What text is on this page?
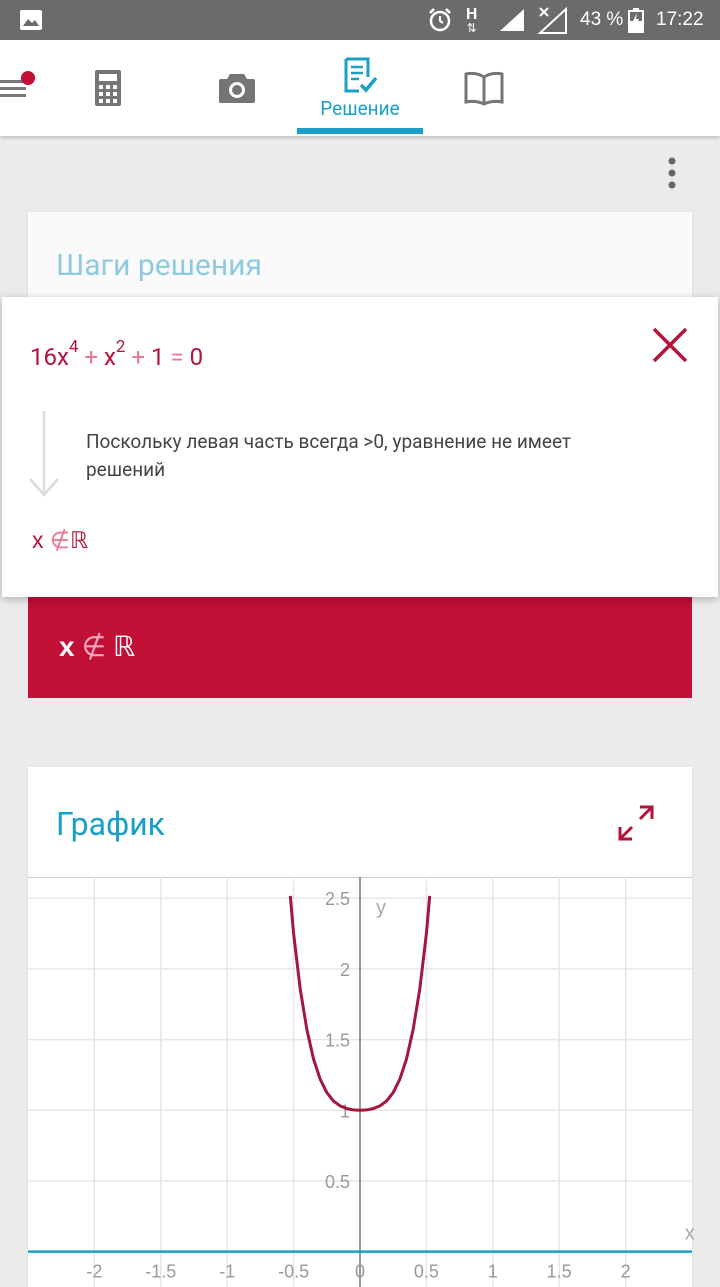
H
⇅	43 % 17:22
Решение
Шаги решения
x ∉ ℝ
$16x^4 + x^2 + 1 = 0$
Поскольку левая часть всегда >0, уравнение не имеет решений
x ∉ℝ
График
0.5
1
1.5
2
2.5
-2 -1.5 -1 -0.5	0	0.5	1	1.5	2
y
x
